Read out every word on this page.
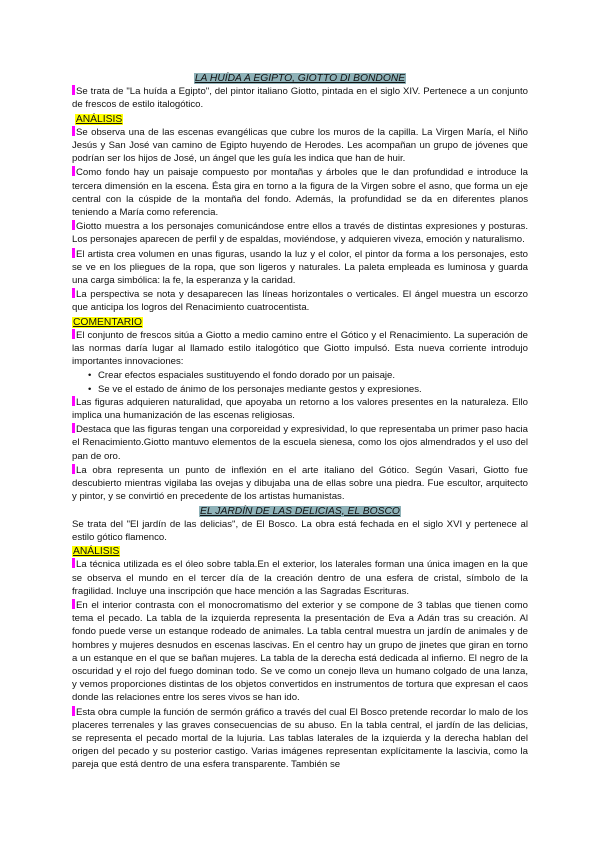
LA HUÍDA A EGIPTO, GIOTTO DI BONDONE

Se trata de "La huída a Egipto", del pintor italiano Giotto, pintada en el siglo XIV. Pertenece a un conjunto de frescos de estilo italogótico.

ANÁLISIS

Se observa una de las escenas evangélicas que cubre los muros de la capilla. La Virgen María, el Niño Jesús y San José van camino de Egipto huyendo de Herodes. Les acompañan un grupo de jóvenes que podrían ser los hijos de José, un ángel que les guía les indica que han de huir.

Como fondo hay un paisaje compuesto por montañas y árboles que le dan profundidad e introduce la tercera dimensión en la escena. Ésta gira en torno a la figura de la Virgen sobre el asno, que forma un eje central con la cúspide de la montaña del fondo. Además, la profundidad se da en diferentes planos teniendo a María como referencia.

Giotto muestra a los personajes comunicándose entre ellos a través de distintas expresiones y posturas. Los personajes aparecen de perfil y de espaldas, moviéndose, y adquieren viveza, emoción y naturalismo.

El artista crea volumen en unas figuras, usando la luz y el color, el pintor da forma a los personajes, esto se ve en los pliegues de la ropa, que son ligeros y naturales. La paleta empleada es luminosa y guarda una carga simbólica: la fe, la esperanza y la caridad.

La perspectiva se nota y desaparecen las líneas horizontales o verticales. El ángel muestra un escorzo que anticipa los logros del Renacimiento cuatrocentista.

COMENTARIO

El conjunto de frescos sitúa a Giotto a medio camino entre el Gótico y el Renacimiento. La superación de las normas daría lugar al llamado estilo italogótico que Giotto impulsó. Esta nueva corriente introdujo importantes innovaciones:

• Crear efectos espaciales sustituyendo el fondo dorado por un paisaje.

• Se ve el estado de ánimo de los personajes mediante gestos y expresiones.

Las figuras adquieren naturalidad, que apoyaba un retorno a los valores presentes en la naturaleza. Ello implica una humanización de las escenas religiosas.

Destaca que las figuras tengan una corporeidad y expresividad, lo que representaba un primer paso hacia el Renacimiento.Giotto mantuvo elementos de la escuela sienesa, como los ojos almendrados y el uso del pan de oro.

La obra representa un punto de inflexión en el arte italiano del Gótico. Según Vasari, Giotto fue descubierto mientras vigilaba las ovejas y dibujaba una de ellas sobre una piedra. Fue escultor, arquitecto y pintor, y se convirtió en precedente de los artistas humanistas.

EL JARDÍN DE LAS DELICIAS, EL BOSCO

Se trata del "El jardín de las delicias", de El Bosco. La obra está fechada en el siglo XVI y pertenece al estilo gótico flamenco.

ANÁLISIS

La técnica utilizada es el óleo sobre tabla.En el exterior, los laterales forman una única imagen en la que se observa el mundo en el tercer día de la creación dentro de una esfera de cristal, símbolo de la fragilidad. Incluye una inscripción que hace mención a las Sagradas Escrituras.

En el interior contrasta con el monocromatismo del exterior y se compone de 3 tablas que tienen como tema el pecado. La tabla de la izquierda representa la presentación de Eva a Adán tras su creación. Al fondo puede verse un estanque rodeado de animales. La tabla central muestra un jardín de animales y de hombres y mujeres desnudos en escenas lascivas. En el centro hay un grupo de jinetes que giran en torno a un estanque en el que se bañan mujeres. La tabla de la derecha está dedicada al infierno. El negro de la oscuridad y el rojo del fuego dominan todo. Se ve como un conejo lleva un humano colgado de una lanza, y vemos proporciones distintas de los objetos convertidos en instrumentos de tortura que expresan el caos donde las relaciones entre los seres vivos se han ido.

Esta obra cumple la función de sermón gráfico a través del cual El Bosco pretende recordar lo malo de los placeres terrenales y las graves consecuencias de su abuso. En la tabla central, el jardín de las delicias, se representa el pecado mortal de la lujuria. Las tablas laterales de la izquierda y la derecha hablan del origen del pecado y su posterior castigo. Varias imágenes representan explícitamente la lascivia, como la pareja que está dentro de una esfera transparente. También se
